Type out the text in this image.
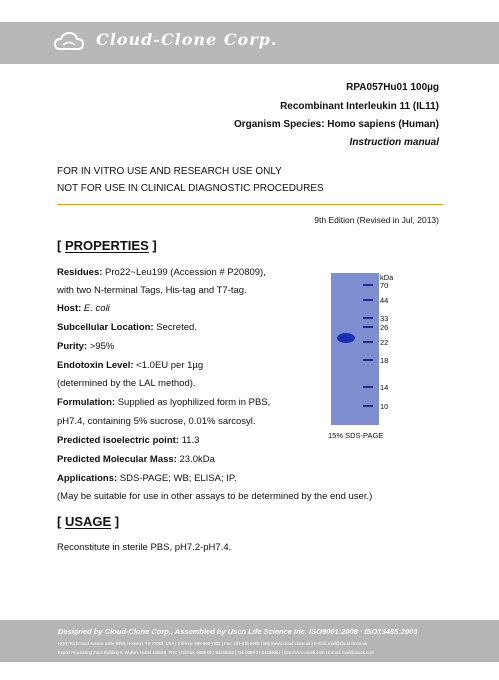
Cloud-Clone Corp.
RPA057Hu01 100µg
Recombinant Interleukin 11 (IL11)
Organism Species: Homo sapiens (Human)
Instruction manual
FOR IN VITRO USE AND RESEARCH USE ONLY
NOT FOR USE IN CLINICAL DIAGNOSTIC PROCEDURES
9th Edition (Revised in Jul, 2013)
[ PROPERTIES ]
Residues: Pro22~Leu199 (Accession # P20809),
with two N-terminal Tags, His-tag and T7-tag.
Host: E. coli
Subcellular Location: Secreted.
Purity: >95%
Endotoxin Level: <1.0EU per 1µg
(determined by the LAL method).
Formulation: Supplied as lyophilized form in PBS,
pH7.4, containing 5% sucrose, 0.01% sarcosyl.
Predicted isoelectric point: 11.3
Predicted Molecular Mass: 23.0kDa
Applications: SDS-PAGE; WB; ELISA; IP.
(May be suitable for use in other assays to be determined by the end user.)
kDa
70
44
33
26
22
18
14
10
15% SDS-PAGE
[ USAGE ]
Reconstitute in sterile PBS, pH7.2-pH7.4.
Designed by Cloud-Clone Corp., Assembled by Uscn Life Science Inc. ISO9001:2008 · ISO13485:2003
HQ/T: Richmond Avenue Suite 8956, Houston, TX 77082, USA | Toll-free: 888-960-7402 | Fax: 281-815-5589 | http://www.cloud-clone.us | E-mail: mail@cloud-clone.us
Export Processing Zone Building 6, Wuhan, Hubei 430056, PRC | Tel/Fax: 0086-027-84259552 | Tel: 0086-27-84259051 | http://www.uscnk.com | E-mail: mail@uscnk.com
